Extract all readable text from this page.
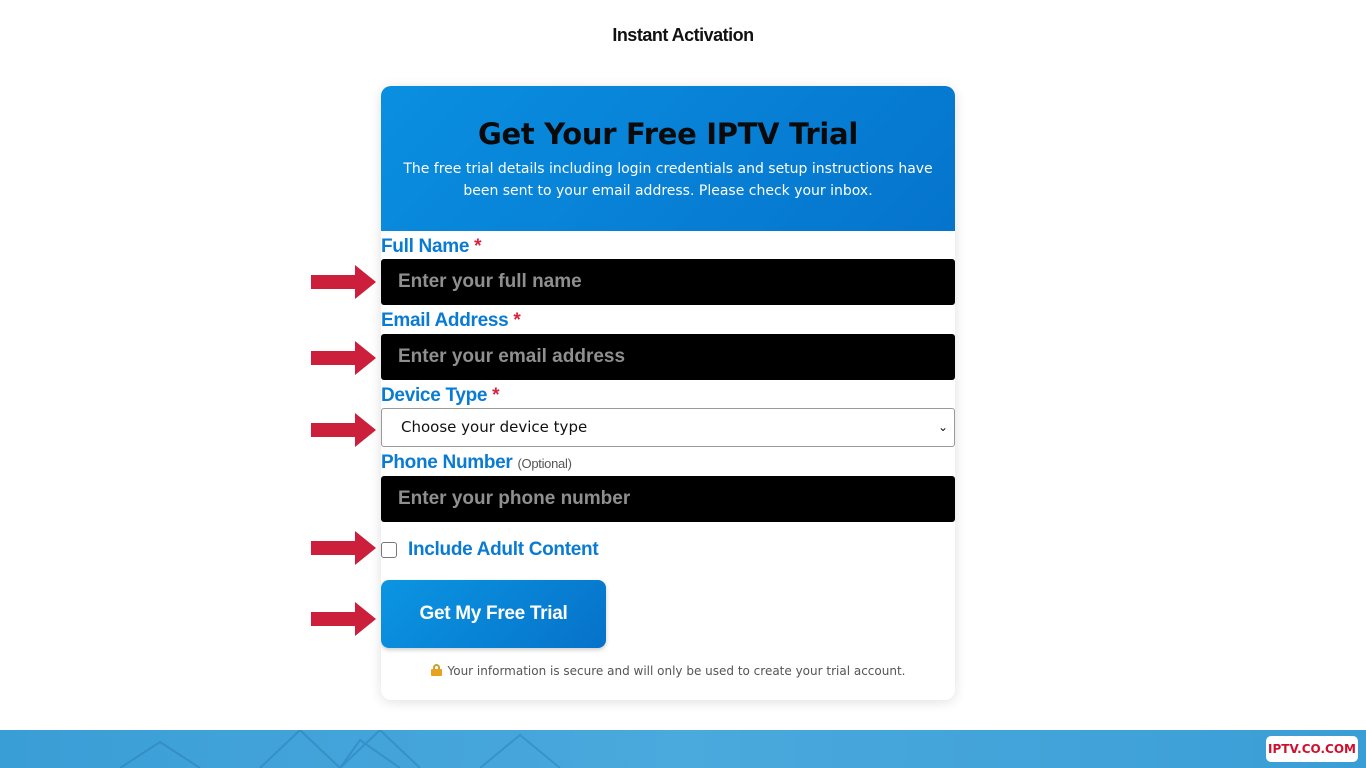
Instant Activation
Get Your Free IPTV Trial

The free trial details including login credentials and setup instructions have been sent to your email address. Please check your inbox.

Full Name *
Enter your full name
Email Address *
Enter your email address
Device Type *
Choose your device type	⌄
Phone Number (Optional)
Enter your phone number
Include Adult Content
Get My Free Trial
Your information is secure and will only be used to create your trial account.
IPTV.CO.COM
